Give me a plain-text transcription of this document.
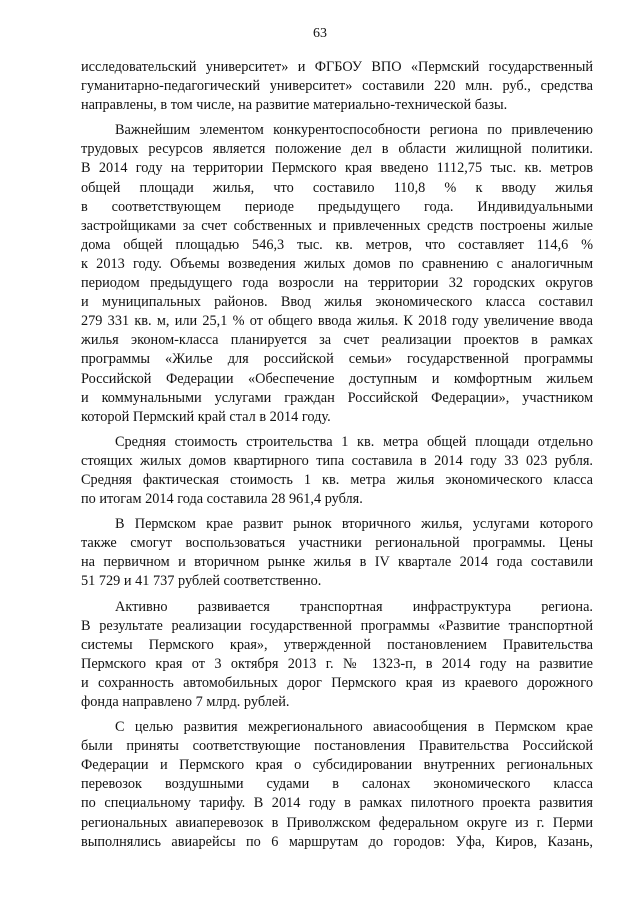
63
исследовательский университет» и ФГБОУ ВПО «Пермский государственный
гуманитарно-педагогический университет» составили 220 млн. руб., средства
направлены, в том числе, на развитие материально-технической базы.
Важнейшим элементом конкурентоспособности региона по привлечению
трудовых ресурсов является положение дел в области жилищной политики.
В 2014 году на территории Пермского края введено 1112,75 тыс. кв. метров
общей площади жилья, что составило 110,8 % к вводу жилья
в соответствующем периоде предыдущего года. Индивидуальными
застройщиками за счет собственных и привлеченных средств построены жилые
дома общей площадью 546,3 тыс. кв. метров, что составляет 114,6 %
к 2013 году. Объемы возведения жилых домов по сравнению с аналогичным
периодом предыдущего года возросли на территории 32 городских округов
и муниципальных районов. Ввод жилья экономического класса составил
279 331 кв. м, или 25,1 % от общего ввода жилья. К 2018 году увеличение ввода
жилья эконом-класса планируется за счет реализации проектов в рамках
программы «Жилье для российской семьи» государственной программы
Российской Федерации «Обеспечение доступным и комфортным жильем
и коммунальными услугами граждан Российской Федерации», участником
которой Пермский край стал в 2014 году.
Средняя стоимость строительства 1 кв. метра общей площади отдельно
стоящих жилых домов квартирного типа составила в 2014 году 33 023 рубля.
Средняя фактическая стоимость 1 кв. метра жилья экономического класса
по итогам 2014 года составила 28 961,4 рубля.
В Пермском крае развит рынок вторичного жилья, услугами которого
также смогут воспользоваться участники региональной программы. Цены
на первичном и вторичном рынке жилья в IV квартале 2014 года составили
51 729 и 41 737 рублей соответственно.
Активно развивается транспортная инфраструктура региона.
В результате реализации государственной программы «Развитие транспортной
системы Пермского края», утвержденной постановлением Правительства
Пермского края от 3 октября 2013 г. № 1323-п, в 2014 году на развитие
и сохранность автомобильных дорог Пермского края из краевого дорожного
фонда направлено 7 млрд. рублей.
С целью развития межрегионального авиасообщения в Пермском крае
были приняты соответствующие постановления Правительства Российской
Федерации и Пермского края о субсидировании внутренних региональных
перевозок воздушными судами в салонах экономического класса
по специальному тарифу. В 2014 году в рамках пилотного проекта развития
региональных авиаперевозок в Приволжском федеральном округе из г. Перми
выполнялись авиарейсы по 6 маршрутам до городов: Уфа, Киров, Казань,
